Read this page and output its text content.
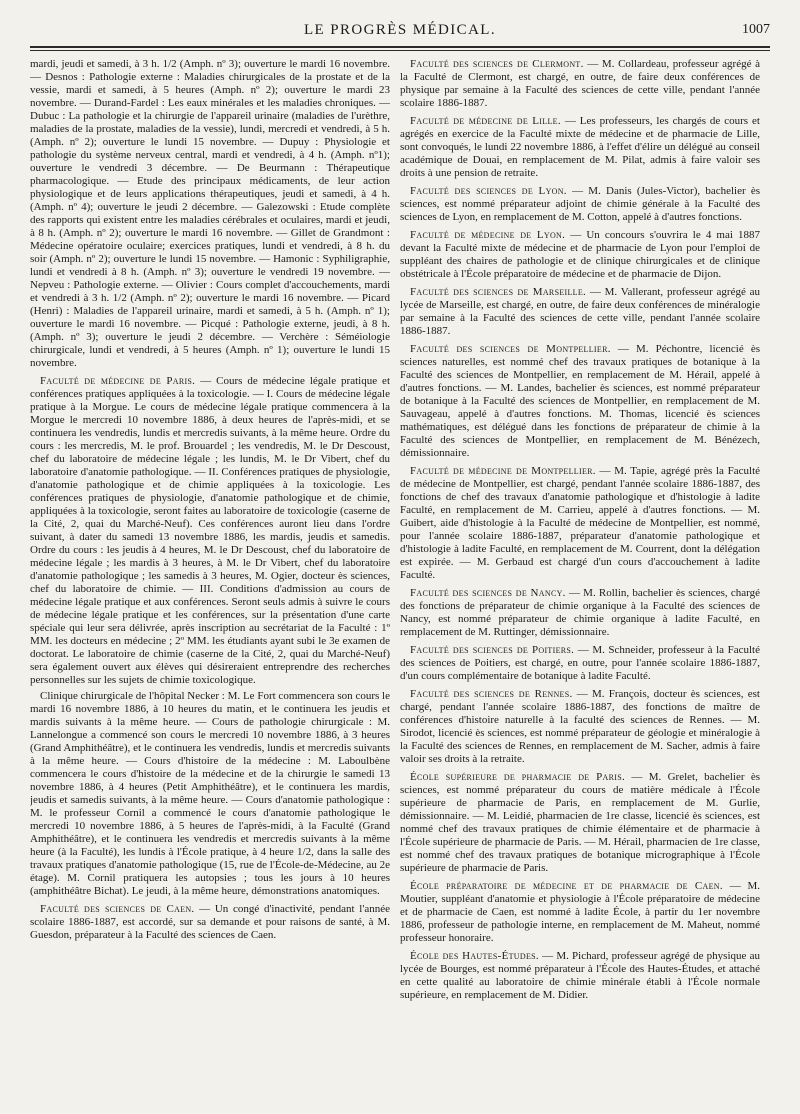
LE PROGRÈS MÉDICAL.	1007

mardi, jeudi et samedi, à 3 h. 1/2 (Amph. nº 3); ouverture le mardi 16 novembre. — Desnos : Pathologie externe : Maladies chirurgicales de la prostate et de la vessie, mardi et samedi, à 5 heures (Amph. nº 2); ouverture le mardi 23 novembre. — Durand-Fardel : Les eaux minérales et les maladies chroniques. — Dubuc : La pathologie et la chirurgie de l'appareil urinaire (maladies de l'urèthre, maladies de la prostate, maladies de la vessie), lundi, mercredi et vendredi, à 5 h. (Amph. nº 2); ouverture le lundi 15 novembre. — Dupuy : Physiologie et pathologie du système nerveux central, mardi et vendredi, à 4 h. (Amph. nº1); ouverture le vendredi 3 décembre. — De Beurmann : Thérapeutique pharmacologique. — Etude des principaux médicaments, de leur action physiologique et de leurs applications thérapeutiques, jeudi et samedi, à 4 h. (Amph. nº 4); ouverture le jeudi 2 décembre. — Galezowski : Etude complète des rapports qui existent entre les maladies cérébrales et oculaires, mardi et jeudi, à 8 h. (Amph. nº 2); ouverture le mardi 16 novembre. — Gillet de Grandmont : Médecine opératoire oculaire; exercices pratiques, lundi et vendredi, à 8 h. du soir (Amph. nº 2); ouverture le lundi 15 novembre. — Hamonic : Syphiligraphie, lundi et vendredi à 8 h. (Amph. nº 3); ouverture le vendredi 19 novembre. — Nepveu : Pathologie externe. — Olivier : Cours complet d'accouchements, mardi et vendredi à 3 h. 1/2 (Amph. nº 2); ouverture le mardi 16 novembre. — Picard (Henri) : Maladies de l'appareil urinaire, mardi et samedi, à 5 h. (Amph. nº 1); ouverture le mardi 16 novembre. — Picqué : Pathologie externe, jeudi, à 8 h. (Amph. nº 3); ouverture le jeudi 2 décembre. — Verchère : Séméiologie chirurgicale, lundi et vendredi, à 5 heures (Amph. nº 1); ouverture le lundi 15 novembre.

Faculté de médecine de Paris. — Cours de médecine légale pratique et conférences pratiques appliquées à la toxicologie. — I. Cours de médecine légale pratique à la Morgue. Le cours de médecine légale pratique commencera à la Morgue le mercredi 10 novembre 1886, à deux heures de l'après-midi, et se continuera les vendredis, lundis et mercredis suivants, à la même heure. Ordre du cours : les mercredis, M. le prof. Brouardel ; les vendredis, M. le Dr Descoust, chef du laboratoire de médecine légale ; les lundis, M. le Dr Vibert, chef du laboratoire d'anatomie pathologique. — II. Conférences pratiques de physiologie, d'anatomie pathologique et de chimie appliquées à la toxicologie. Les conférences pratiques de physiologie, d'anatomie pathologique et de chimie, appliquées à la toxicologie, seront faites au laboratoire de toxicologie (caserne de la Cité, 2, quai du Marché-Neuf). Ces conférences auront lieu dans l'ordre suivant, à dater du samedi 13 novembre 1886, les mardis, jeudis et samedis. Ordre du cours : les jeudis à 4 heures, M. le Dr Descoust, chef du laboratoire de médecine légale ; les mardis à 3 heures, à M. le Dr Vibert, chef du laboratoire d'anatomie pathologique ; les samedis à 3 heures, M. Ogier, docteur ès sciences, chef du laboratoire de chimie. — III. Conditions d'admission au cours de médecine légale pratique et aux conférences. Seront seuls admis à suivre le cours de médecine légale pratique et les conférences, sur la présentation d'une carte spéciale qui leur sera délivrée, après inscription au secrétariat de la Faculté : 1º MM. les docteurs en médecine ; 2º MM. les étudiants ayant subi le 3e examen de doctorat. Le laboratoire de chimie (caserne de la Cité, 2, quai du Marché-Neuf) sera également ouvert aux élèves qui désireraient entreprendre des recherches personnelles sur les sujets de chimie toxicologique.

Clinique chirurgicale de l'hôpital Necker : M. Le Fort commencera son cours le mardi 16 novembre 1886, à 10 heures du matin, et le continuera les jeudis et mardis suivants à la même heure. — Cours de pathologie chirurgicale : M. Lannelongue a commencé son cours le mercredi 10 novembre 1886, à 3 heures (Grand Amphithéâtre), et le continuera les vendredis, lundis et mercredis suivants à la même heure. — Cours d'histoire de la médecine : M. Laboulbène commencera le cours d'histoire de la médecine et de la chirurgie le samedi 13 novembre 1886, à 4 heures (Petit Amphithéâtre), et le continuera les mardis, jeudis et samedis suivants, à la même heure. — Cours d'anatomie pathologique : M. le professeur Cornil a commencé le cours d'anatomie pathologique le mercredi 10 novembre 1886, à 5 heures de l'après-midi, à la Faculté (Grand Amphithéâtre), et le continuera les vendredis et mercredis suivants à la même heure (à la Faculté), les lundis à l'École pratique, à 4 heure 1/2, dans la salle des travaux pratiques d'anatomie pathologique (15, rue de l'École-de-Médecine, au 2e étage). M. Cornil pratiquera les autopsies ; tous les jours à 10 heures (amphithéâtre Bichat). Le jeudi, à la même heure, démonstrations anatomiques.

Faculté des sciences de Caen. — Un congé d'inactivité, pendant l'année scolaire 1886-1887, est accordé, sur sa demande et pour raisons de santé, à M. Guesdon, préparateur à la Faculté des sciences de Caen.

Faculté des sciences de Clermont. — M. Collardeau, professeur agrégé à la Faculté de Clermont, est chargé, en outre, de faire deux conférences de physique par semaine à la Faculté des sciences de cette ville, pendant l'année scolaire 1886-1887.

Faculté de médecine de Lille. — Les professeurs, les chargés de cours et agrégés en exercice de la Faculté mixte de médecine et de pharmacie de Lille, sont convoqués, le lundi 22 novembre 1886, à l'effet d'élire un délégué au conseil académique de Douai, en remplacement de M. Pilat, admis à faire valoir ses droits à une pension de retraite.

Faculté des sciences de Lyon. — M. Danis (Jules-Victor), bachelier ès sciences, est nommé préparateur adjoint de chimie générale à la Faculté des sciences de Lyon, en remplacement de M. Cotton, appelé à d'autres fonctions.

Faculté de médecine de Lyon. — Un concours s'ouvrira le 4 mai 1887 devant la Faculté mixte de médecine et de pharmacie de Lyon pour l'emploi de suppléant des chaires de pathologie et de clinique chirurgicales et de clinique obstétricale à l'École préparatoire de médecine et de pharmacie de Dijon.

Faculté des sciences de Marseille. — M. Vallerant, professeur agrégé au lycée de Marseille, est chargé, en outre, de faire deux conférences de minéralogie par semaine à la Faculté des sciences de cette ville, pendant l'année scolaire 1886-1887.

Faculté des sciences de Montpellier. — M. Péchontre, licencié ès sciences naturelles, est nommé chef des travaux pratiques de botanique à la Faculté des sciences de Montpellier, en remplacement de M. Hérail, appelé à d'autres fonctions. — M. Landes, bachelier ès sciences, est nommé préparateur de botanique à la Faculté des sciences de Montpellier, en remplacement de M. Sauvageau, appelé à d'autres fonctions. M. Thomas, licencié ès sciences mathématiques, est délégué dans les fonctions de préparateur de chimie à la Faculté des sciences de Montpellier, en remplacement de M. Bénézech, démissionnaire.

Faculté de médecine de Montpellier. — M. Tapie, agrégé près la Faculté de médecine de Montpellier, est chargé, pendant l'année scolaire 1886-1887, des fonctions de chef des travaux d'anatomie pathologique et d'histologie à ladite Faculté, en remplacement de M. Carrieu, appelé à d'autres fonctions. — M. Guibert, aide d'histologie à la Faculté de médecine de Montpellier, est nommé, pour l'année scolaire 1886-1887, préparateur d'anatomie pathologique et d'histologie à ladite Faculté, en remplacement de M. Courrent, dont la délégation est expirée. — M. Gerbaud est chargé d'un cours d'accouchement à ladite Faculté.

Faculté des sciences de Nancy. — M. Rollin, bachelier ès sciences, chargé des fonctions de préparateur de chimie organique à la Faculté des sciences de Nancy, est nommé préparateur de chimie organique à ladite Faculté, en remplacement de M. Ruttinger, démissionnaire.

Faculté des sciences de Poitiers. — M. Schneider, professeur à la Faculté des sciences de Poitiers, est chargé, en outre, pour l'année scolaire 1886-1887, d'un cours complémentaire de botanique à ladite Faculté.

Faculté des sciences de Rennes. — M. François, docteur ès sciences, est chargé, pendant l'année scolaire 1886-1887, des fonctions de maître de conférences d'histoire naturelle à la faculté des sciences de Rennes. — M. Sirodot, licencié ès sciences, est nommé préparateur de géologie et minéralogie à la Faculté des sciences de Rennes, en remplacement de M. Sacher, admis à faire valoir ses droits à la retraite.

École supérieure de pharmacie de Paris. — M. Grelet, bachelier ès sciences, est nommé préparateur du cours de matière médicale à l'École supérieure de pharmacie de Paris, en remplacement de M. Gurlie, démissionnaire. — M. Leidié, pharmacien de 1re classe, licencié ès sciences, est nommé chef des travaux pratiques de chimie élémentaire et de pharmacie à l'École supérieure de pharmacie de Paris. — M. Hérail, pharmacien de 1re classe, est nommé chef des travaux pratiques de botanique micrographique à l'École supérieure de pharmacie de Paris.

École préparatoire de médecine et de pharmacie de Caen. — M. Moutier, suppléant d'anatomie et physiologie à l'École préparatoire de médecine et de pharmacie de Caen, est nommé à ladite École, à partir du 1er novembre 1886, professeur de pathologie interne, en remplacement de M. Maheut, nommé professeur honoraire.

École des Hautes-Études. — M. Pichard, professeur agrégé de physique au lycée de Bourges, est nommé préparateur à l'École des Hautes-Études, et attaché en cette qualité au laboratoire de chimie minérale établi à l'École normale supérieure, en remplacement de M. Didier.
